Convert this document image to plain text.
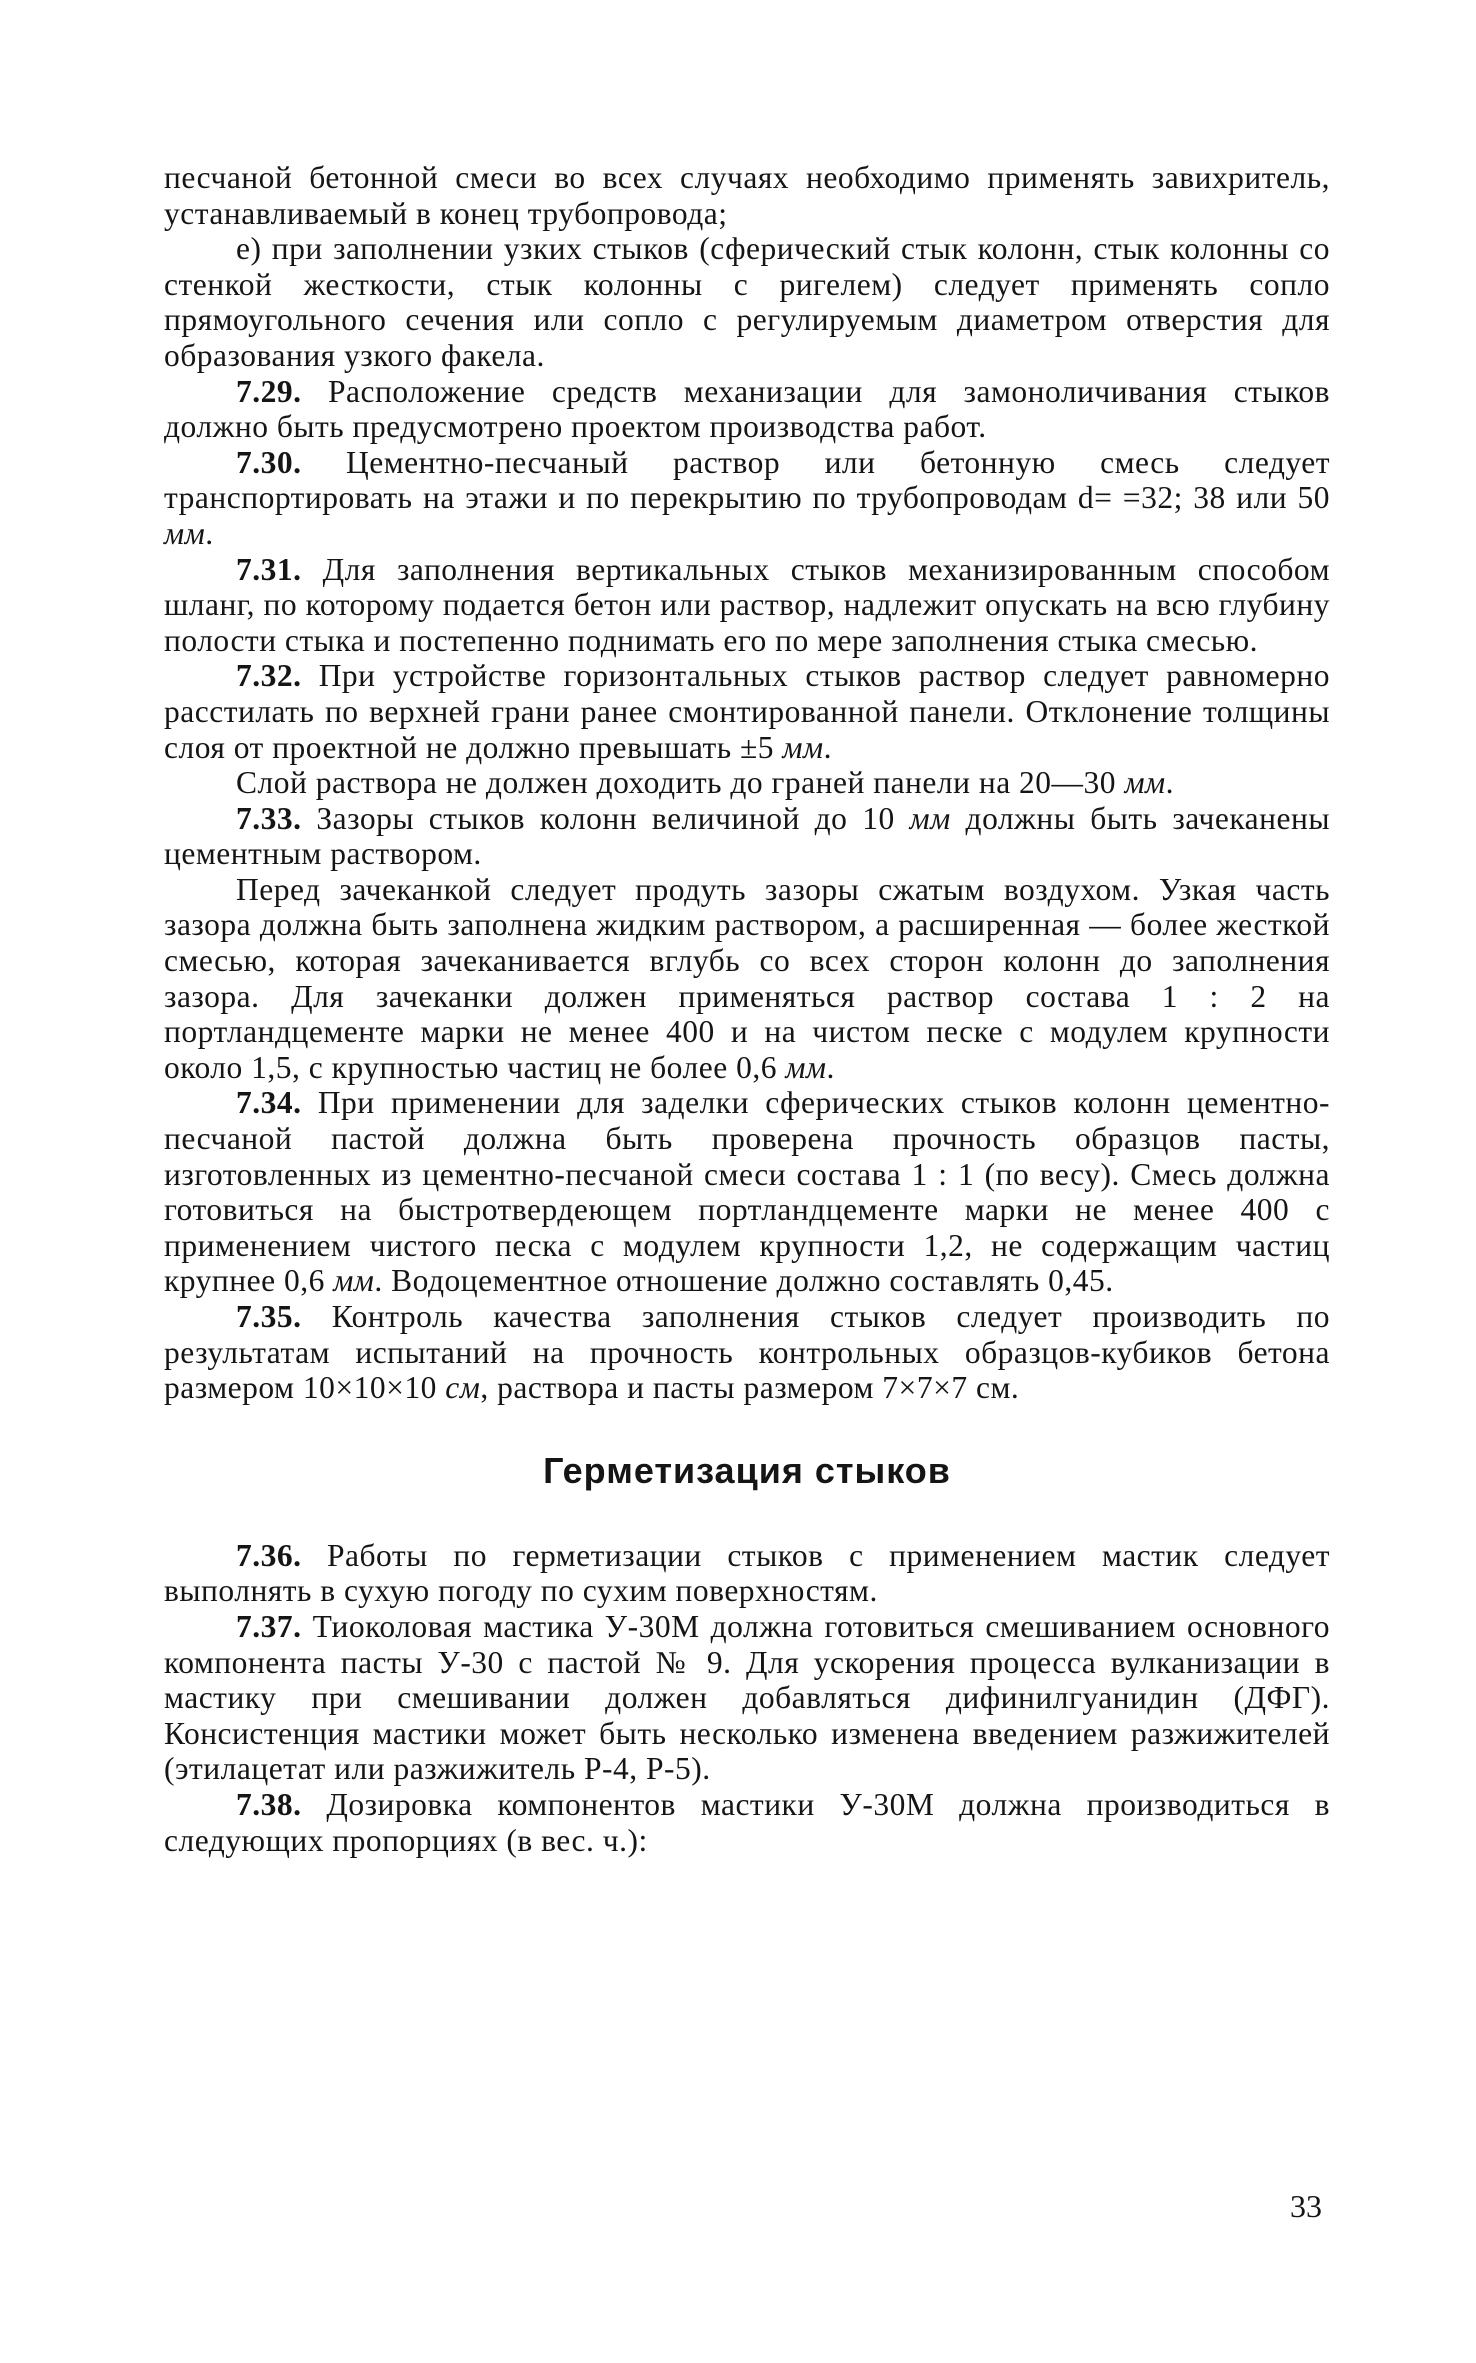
песчаной бетонной смеси во всех случаях необходимо применять завихритель, устанавливаемый в конец трубопровода;

е) при заполнении узких стыков (сферический стык колонн, стык колонны со стенкой жесткости, стык колонны с ригелем) следует применять сопло прямоугольного сечения или сопло с регулируемым диаметром отверстия для образования узкого факела.

7.29. Расположение средств механизации для замоноличивания стыков должно быть предусмотрено проектом производства работ.

7.30. Цементно-песчаный раствор или бетонную смесь следует транспортировать на этажи и по перекрытию по трубопроводам d= =32; 38 или 50 мм.

7.31. Для заполнения вертикальных стыков механизированным способом шланг, по которому подается бетон или раствор, надлежит опускать на всю глубину полости стыка и постепенно поднимать его по мере заполнения стыка смесью.

7.32. При устройстве горизонтальных стыков раствор следует равномерно расстилать по верхней грани ранее смонтированной панели. Отклонение толщины слоя от проектной не должно превышать ±5 мм.

Слой раствора не должен доходить до граней панели на 20—30 мм.

7.33. Зазоры стыков колонн величиной до 10 мм должны быть зачеканены цементным раствором.

Перед зачеканкой следует продуть зазоры сжатым воздухом. Узкая часть зазора должна быть заполнена жидким раствором, а расширенная — более жесткой смесью, которая зачеканивается вглубь со всех сторон колонн до заполнения зазора. Для зачеканки должен применяться раствор состава 1 : 2 на портландцементе марки не менее 400 и на чистом песке с модулем крупности около 1,5, с крупностью частиц не более 0,6 мм.

7.34. При применении для заделки сферических стыков колонн цементно-песчаной пастой должна быть проверена прочность образцов пасты, изготовленных из цементно-песчаной смеси состава 1 : 1 (по весу). Смесь должна готовиться на быстротвердеющем портландцементе марки не менее 400 с применением чистого песка с модулем крупности 1,2, не содержащим частиц крупнее 0,6 мм. Водоцементное отношение должно составлять 0,45.

7.35. Контроль качества заполнения стыков следует производить по результатам испытаний на прочность контрольных образцов-кубиков бетона размером 10×10×10 см, раствора и пасты размером 7×7×7 см.

Герметизация стыков

7.36. Работы по герметизации стыков с применением мастик следует выполнять в сухую погоду по сухим поверхностям.

7.37. Тиоколовая мастика У-30М должна готовиться смешиванием основного компонента пасты У-30 с пастой № 9. Для ускорения процесса вулканизации в мастику при смешивании должен добавляться дифинилгуанидин (ДФГ). Консистенция мастики может быть несколько изменена введением разжижителей (этилацетат или разжижитель Р-4, Р-5).

7.38. Дозировка компонентов мастики У-30М должна производиться в следующих пропорциях (в вес. ч.):

33
